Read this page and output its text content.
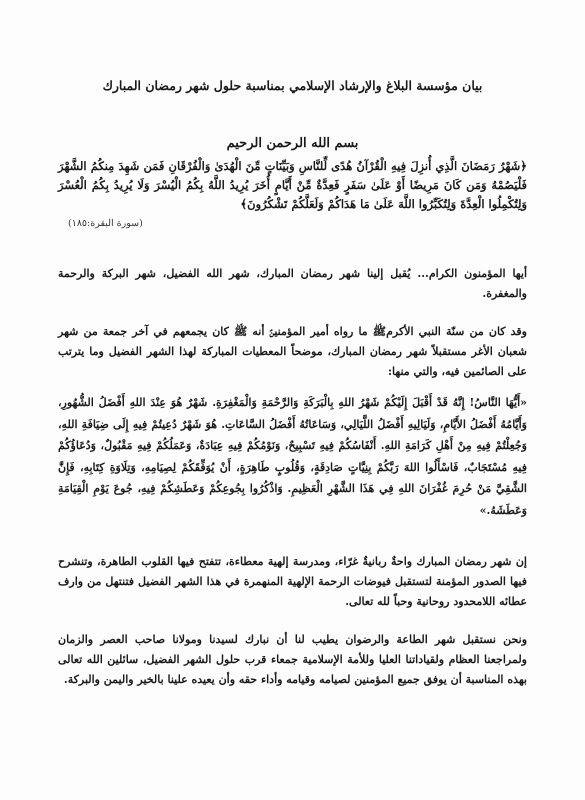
بيان مؤسسة البلاغ والإرشاد الإسلامي بمناسبة حلول شهر رمضان المبارك
بسم الله الرحمن الرحيم
﴿شَهْرُ رَمَضَانَ الَّذِي أُنزِلَ فِيهِ الْقُرْآنُ هُدًى لِّلنَّاسِ وَبَيِّنَاتٍ مِّنَ الْهُدَىٰ وَالْفُرْقَانِ فَمَن شَهِدَ مِنكُمُ الشَّهْرَ فَلْيَصُمْهُ وَمَن كَانَ مَرِيضًا أَوْ عَلَىٰ سَفَرٍ فَعِدَّةٌ مِّنْ أَيَّامٍ أُخَرَ يُرِيدُ اللَّهُ بِكُمُ الْيُسْرَ وَلَا يُرِيدُ بِكُمُ الْعُسْرَ وَلِتُكْمِلُوا الْعِدَّةَ وَلِتُكَبِّرُوا اللَّهَ عَلَىٰ مَا هَدَاكُمْ وَلَعَلَّكُمْ تَشْكُرُونَ﴾
(سورة البقرة:١٨٥)
أيها المؤمنون الكرام... يُقبل إلينا شهر رمضان المبارك، شهر الله الفضيل، شهر البركة والرحمة والمغفرة.
وقد كان من سنّة النبي الأكرمﷺ ما رواه أمير المؤمنينؑ أنه ﷺ كان يجمعهم في آخر جمعة من شهر شعبان الأغر مستقبلاً شهر رمضان المبارك، موضحاً المعطيات المباركة لهذا الشهر الفضيل وما يترتب على الصائمين فيه، والتي منها:
«أَيُّهَا النَّاسُ! إِنَّهُ قَدْ أَقْبَلَ إِلَيْكُمْ شَهْرُ اللهِ بِالْبَرَكَةِ وَالرَّحْمَةِ وَالْمَغْفِرَةِ. شَهْرٌ هُوَ عِنْدَ اللهِ أَفْضَلُ الشُّهُورِ، وَأَيَّامُهُ أَفْضَلُ الأَيَّامِ، وَلَيَالِيهِ أَفْضَلُ اللَّيَالِي، وَسَاعَاتُهُ أَفْضَلُ السَّاعَاتِ. هُوَ شَهْرٌ دُعِيتُمْ فِيهِ إِلَى ضِيَافَةِ اللهِ، وَجُعِلْتُمْ فِيهِ مِنْ أَهْلِ كَرَامَةِ اللهِ. أَنْفَاسُكُمْ فِيهِ تَسْبِيحٌ، وَنَوْمُكُمْ فِيهِ عِبَادَةٌ، وَعَمَلُكُمْ فِيهِ مَقْبُولٌ، وَدُعَاؤُكُمْ فِيهِ مُسْتَجَابٌ، فَاسْأَلُوا اللهَ رَبَّكُمْ بِنِيَّاتٍ صَادِقَةٍ، وَقُلُوبٍ طَاهِرَةٍ، أَنْ يُوَفِّقَكُمْ لِصِيَامِهِ، وَتِلَاوَةِ كِتَابِهِ، فَإِنَّ الشَّقِيَّ مَنْ حُرِمَ غُفْرَانَ اللهِ فِي هَذَا الشَّهْرِ الْعَظِيمِ. وَاذْكُرُوا بِجُوعِكُمْ وَعَطَشِكُمْ فِيهِ، جُوعَ يَوْمِ الْقِيَامَةِ وَعَطَشَهُ.»
إن شهر رمضان المبارك واحةٌ ربانيةٌ غرّاء، ومدرسة إلهية معطاءة، تتفتح فيها القلوب الطاهرة، وتنشرح فيها الصدور المؤمنة لتستقبل فيوضات الرحمة الإلهية المنهمرة في هذا الشهر الفضيل فتنتهل من وارف عطائه اللامحدود روحانية وحباً لله تعالى.
ونحن نستقبل شهر الطاعة والرضوان يطيب لنا أن نبارك لسيدنا ومولانا صاحب العصر والزمان ولمراجعنا العظام ولقياداتنا العليا وللأمة الإسلامية جمعاء قرب حلول الشهر الفضيل، سائلين الله تعالى بهذه المناسبة أن يوفق جميع المؤمنين لصيامه وقيامه وأداء حقه وأن يعيده علينا بالخير واليمن والبركة.
